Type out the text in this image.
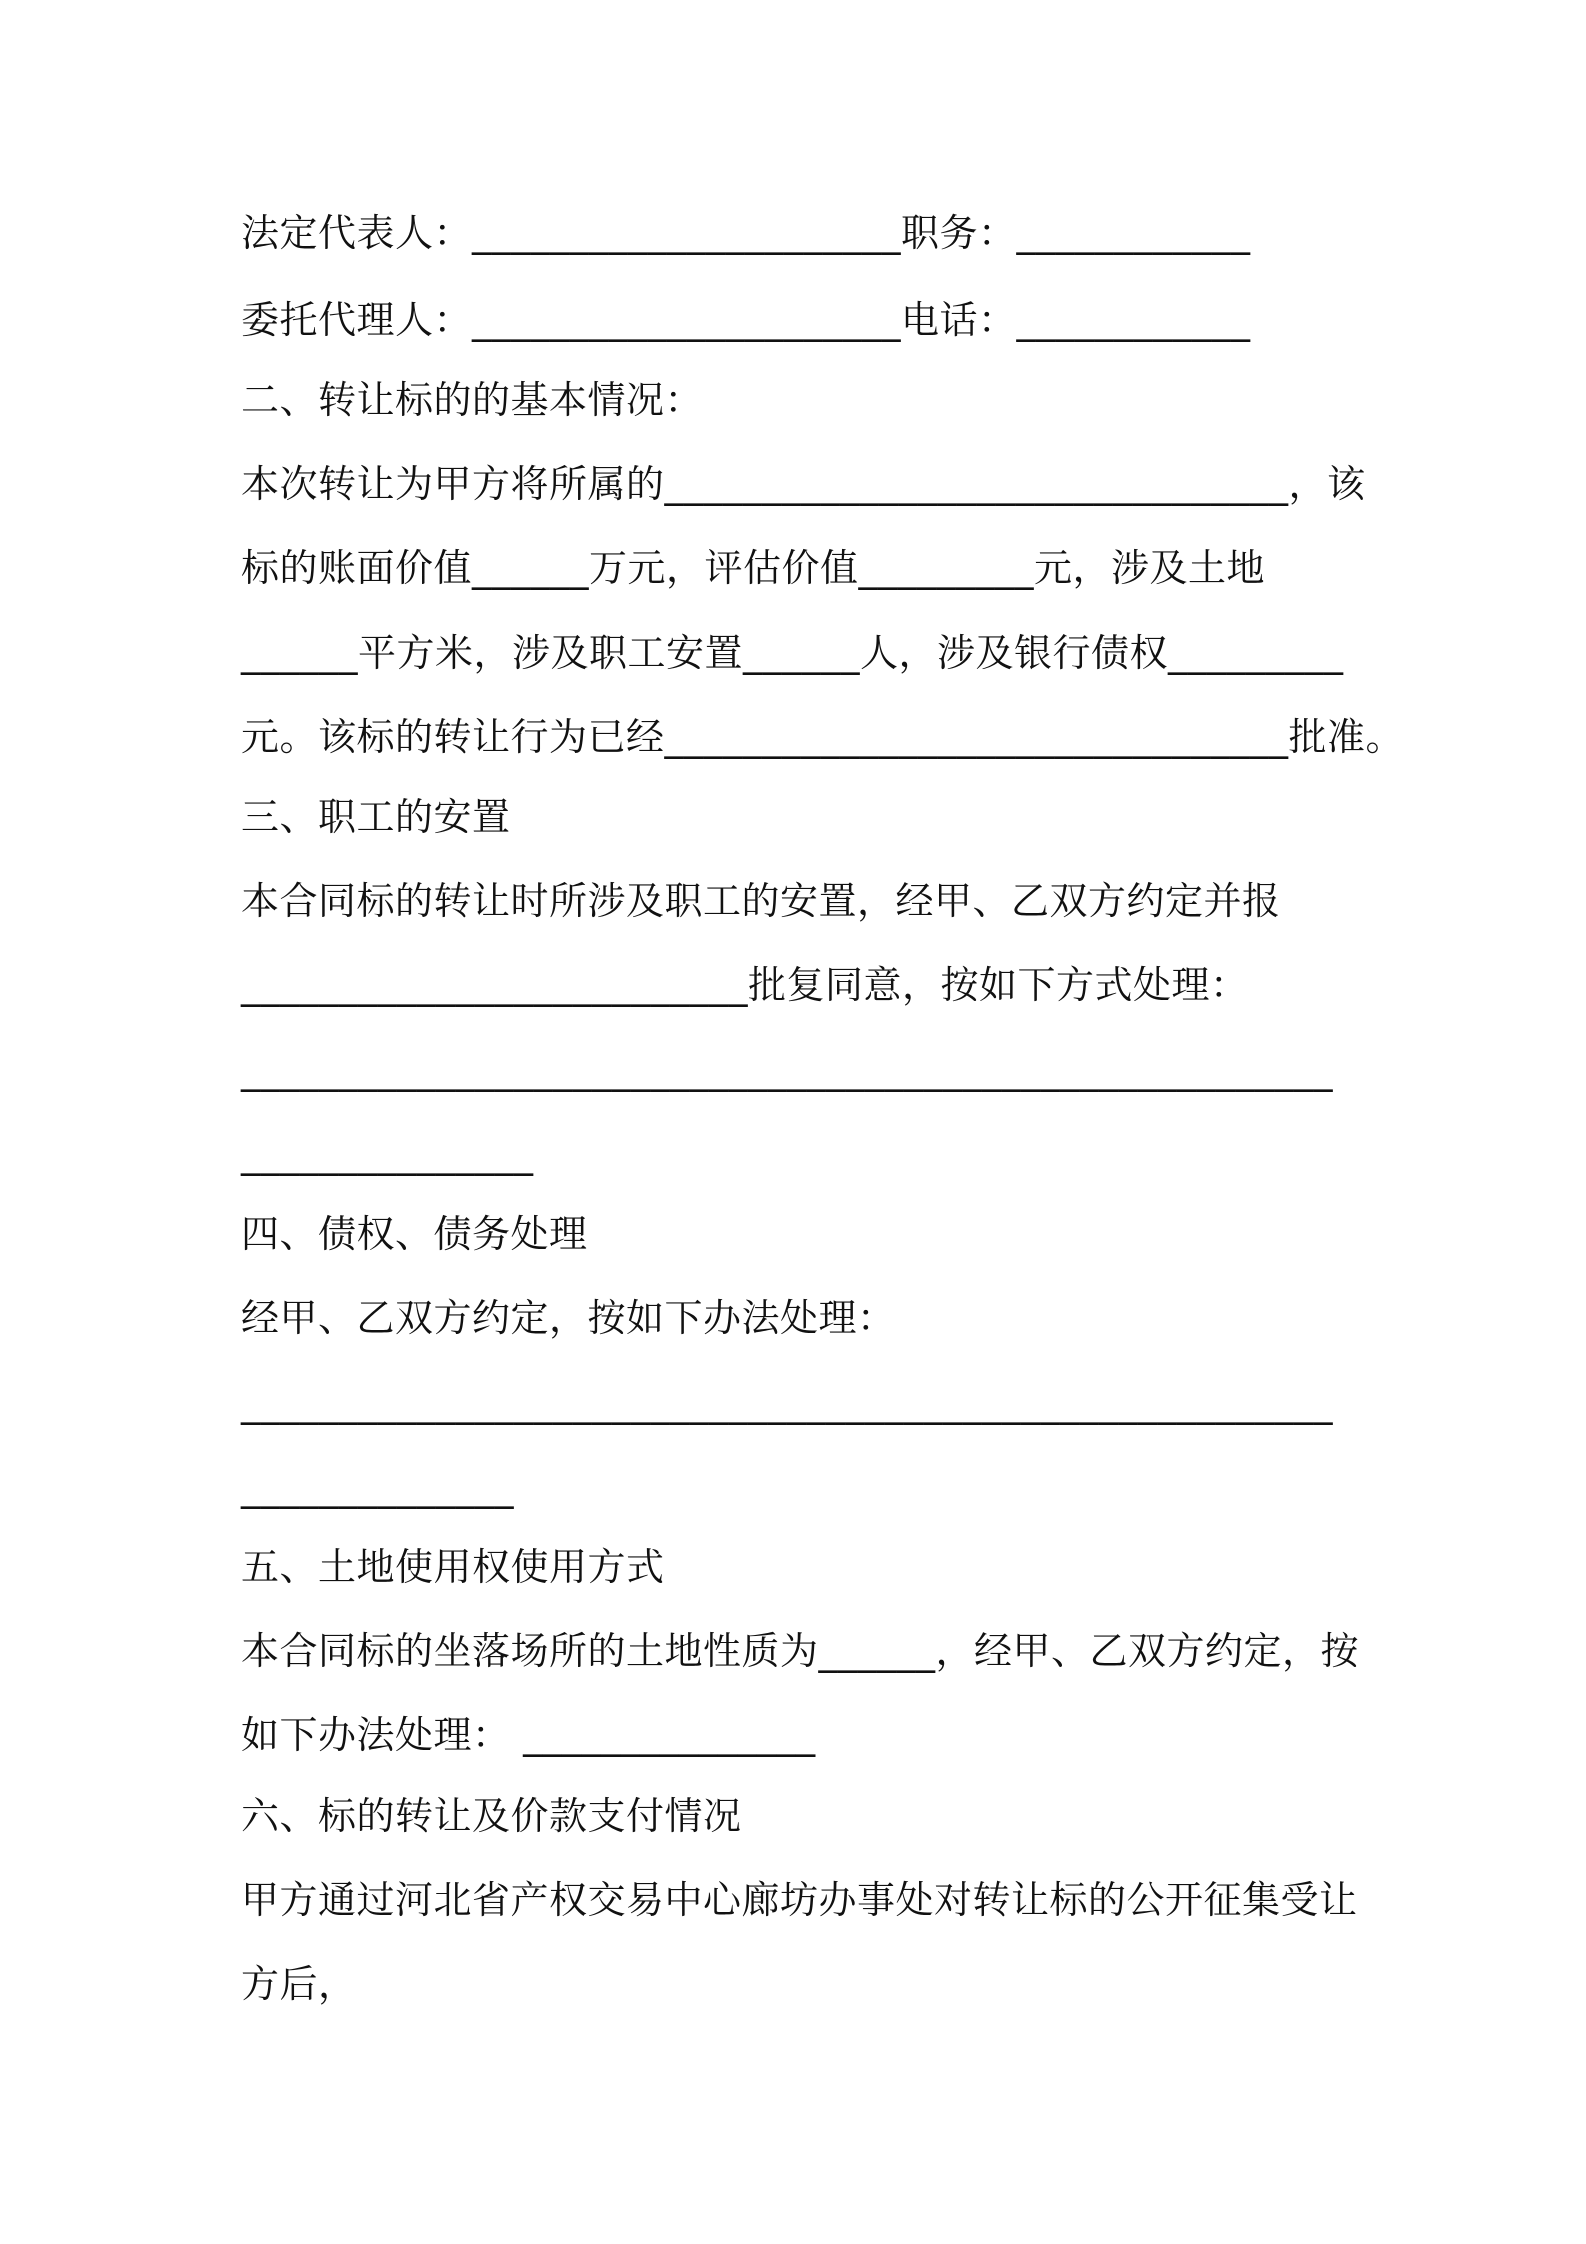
法定代表人：______________________职务：____________
委托代理人：______________________电话：____________
二、转让标的的基本情况：
本次转让为甲方将所属的________________________________，该
标的账面价值______万元，评估价值_________元，涉及土地
______平方米，涉及职工安置______人，涉及银行债权_________
元。该标的转让行为已经________________________________批准。
三、职工的安置
本合同标的转让时所涉及职工的安置，经甲、乙双方约定并报
__________________________批复同意，按如下方式处理：
________________________________________________________
_______________
四、债权、债务处理
经甲、乙双方约定，按如下办法处理：
________________________________________________________
______________
五、土地使用权使用方式
本合同标的坐落场所的土地性质为______，经甲、乙双方约定，按
如下办法处理： _______________
六、标的转让及价款支付情况
甲方通过河北省产权交易中心廊坊办事处对转让标的公开征集受让
方后，
